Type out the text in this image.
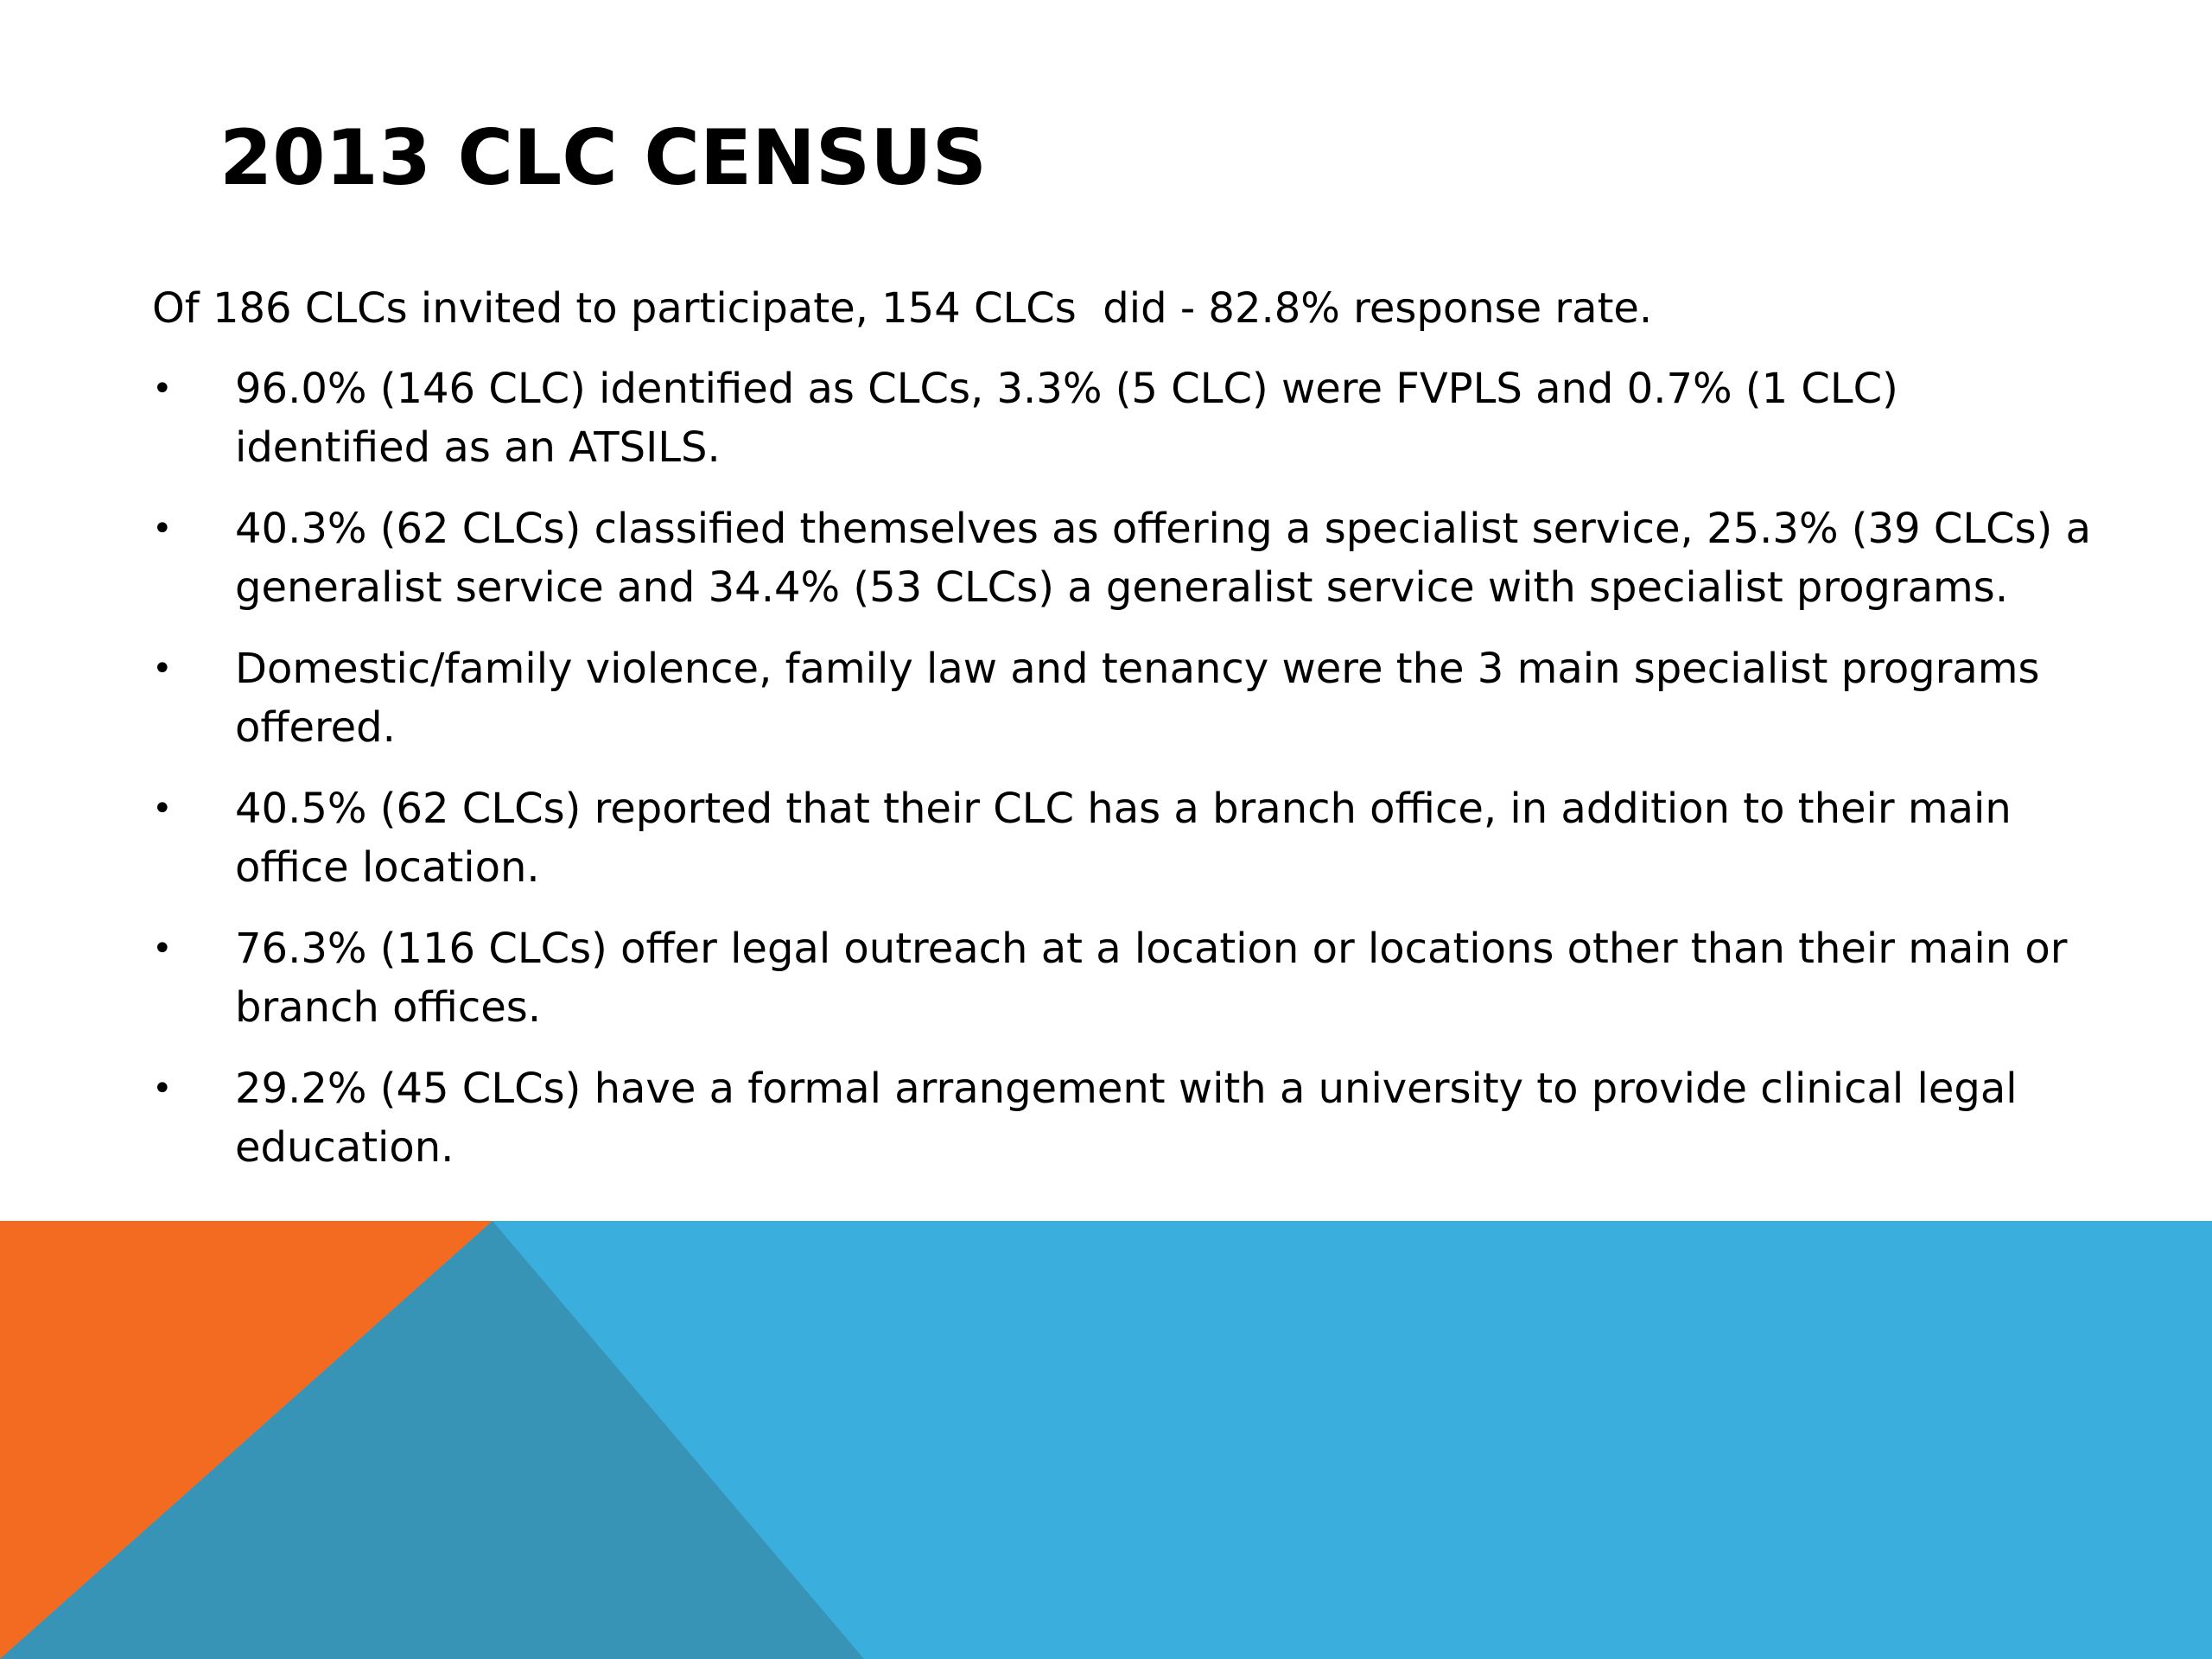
2013 CLC CENSUS

Of 186 CLCs invited to participate, 154 CLCs  did - 82.8% response rate.

•	96.0% (146 CLC) identified as CLCs, 3.3% (5 CLC) were FVPLS and 0.7% (1 CLC) identified as an ATSILS.
•	40.3% (62 CLCs) classified themselves as offering a specialist service, 25.3% (39 CLCs) a generalist service and 34.4% (53 CLCs) a generalist service with specialist programs.
•	Domestic/family violence, family law and tenancy were the 3 main specialist programs offered.
•	40.5% (62 CLCs) reported that their CLC has a branch office, in addition to their main office location.
•	76.3% (116 CLCs) offer legal outreach at a location or locations other than their main or branch offices.
•	29.2% (45 CLCs) have a formal arrangement with a university to provide clinical legal education.
